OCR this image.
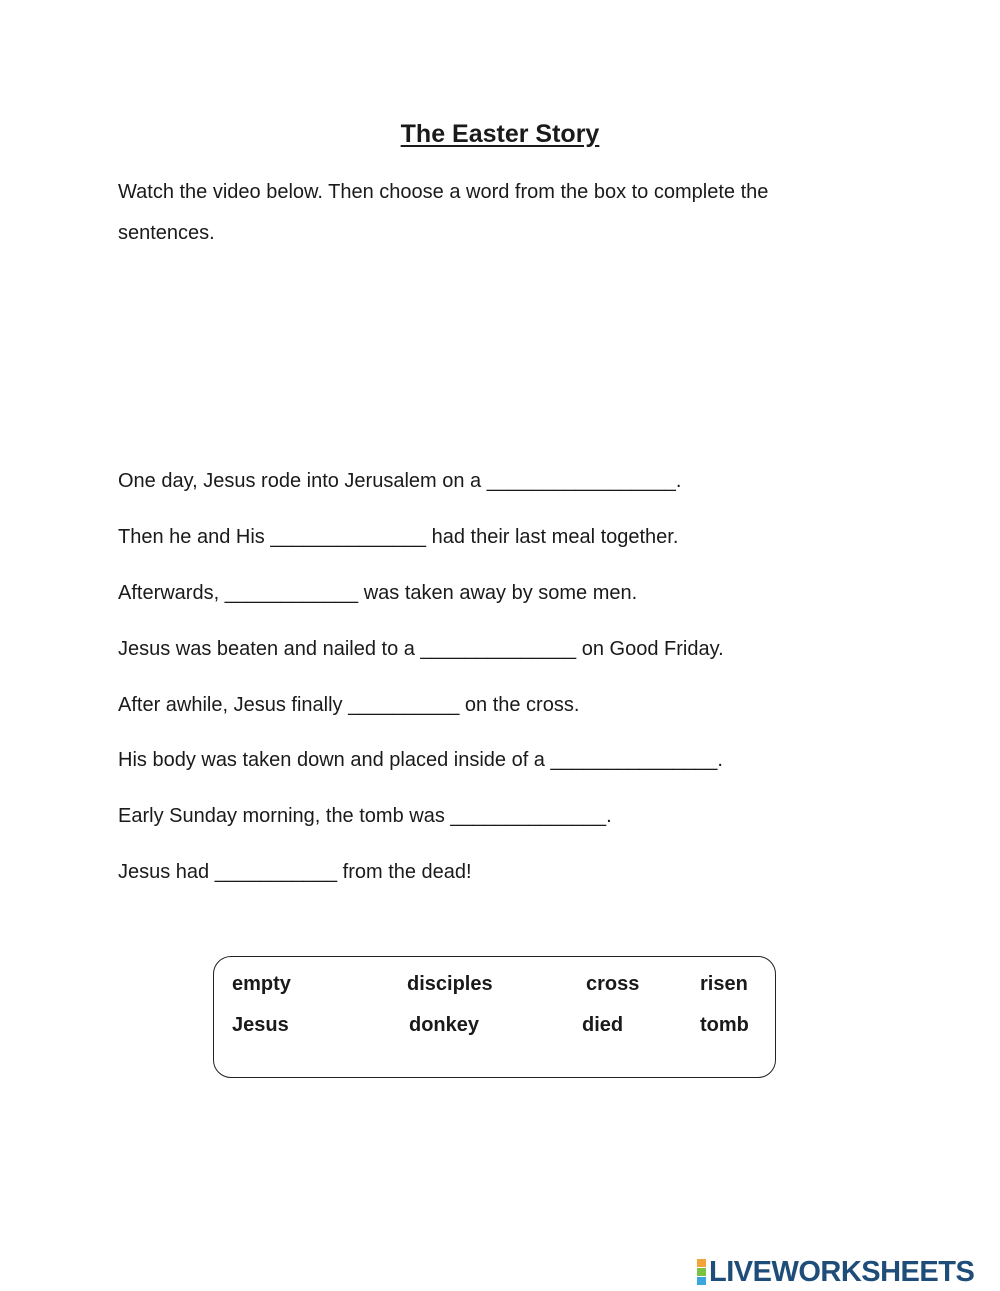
The Easter Story
Watch the video below. Then choose a word from the box to complete the sentences.
One day, Jesus rode into Jerusalem on a _________________.
Then he and His ______________ had their last meal together.
Afterwards, ____________ was taken away by some men.
Jesus was beaten and nailed to a ______________ on Good Friday.
After awhile, Jesus finally __________ on the cross.
His body was taken down and placed inside of a _______________.
Early Sunday morning, the tomb was ______________.
Jesus had ___________ from the dead!
empty	disciples	cross	risen
Jesus	donkey	died	tomb
LIVEWORKSHEETS
